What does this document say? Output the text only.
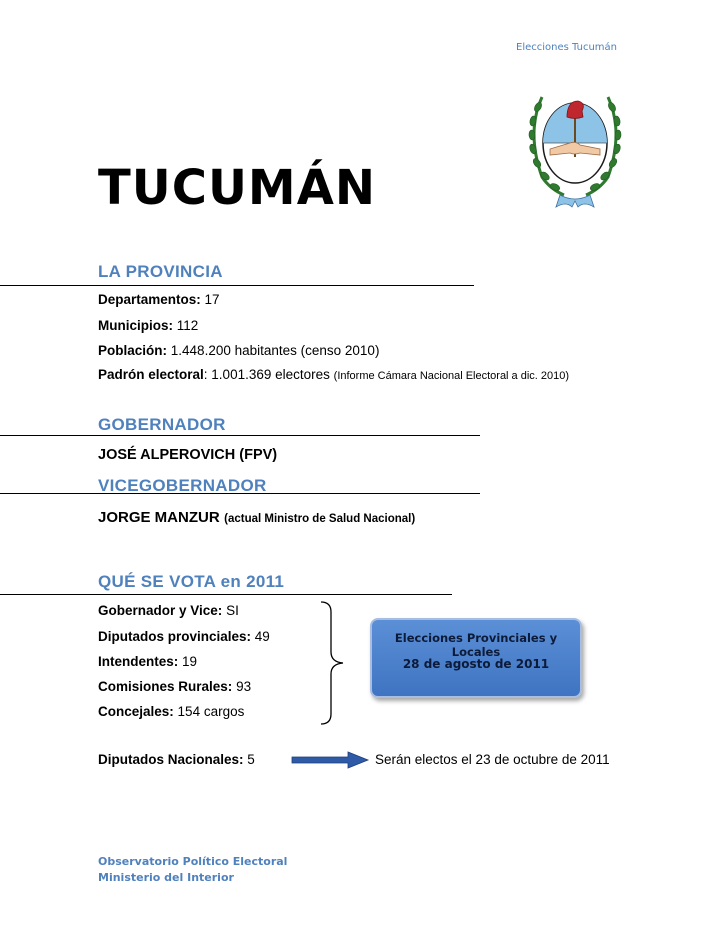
Elecciones Tucumán
TUCUMÁN
LA PROVINCIA
Departamentos: 17
Municipios: 112
Población: 1.448.200 habitantes (censo 2010)
Padrón electoral: 1.001.369 electores (Informe Cámara Nacional Electoral a dic. 2010)
GOBERNADOR
JOSÉ ALPEROVICH (FPV)
VICEGOBERNADOR
JORGE MANZUR (actual Ministro de Salud Nacional)
QUÉ SE VOTA en 2011
Gobernador y Vice: SI
Diputados provinciales: 49
Intendentes: 19
Comisiones Rurales: 93
Concejales: 154 cargos
Elecciones Provinciales y Locales
28 de agosto de 2011
Diputados Nacionales: 5	Serán electos el 23 de octubre de 2011
Observatorio Político Electoral
Ministerio del Interior
